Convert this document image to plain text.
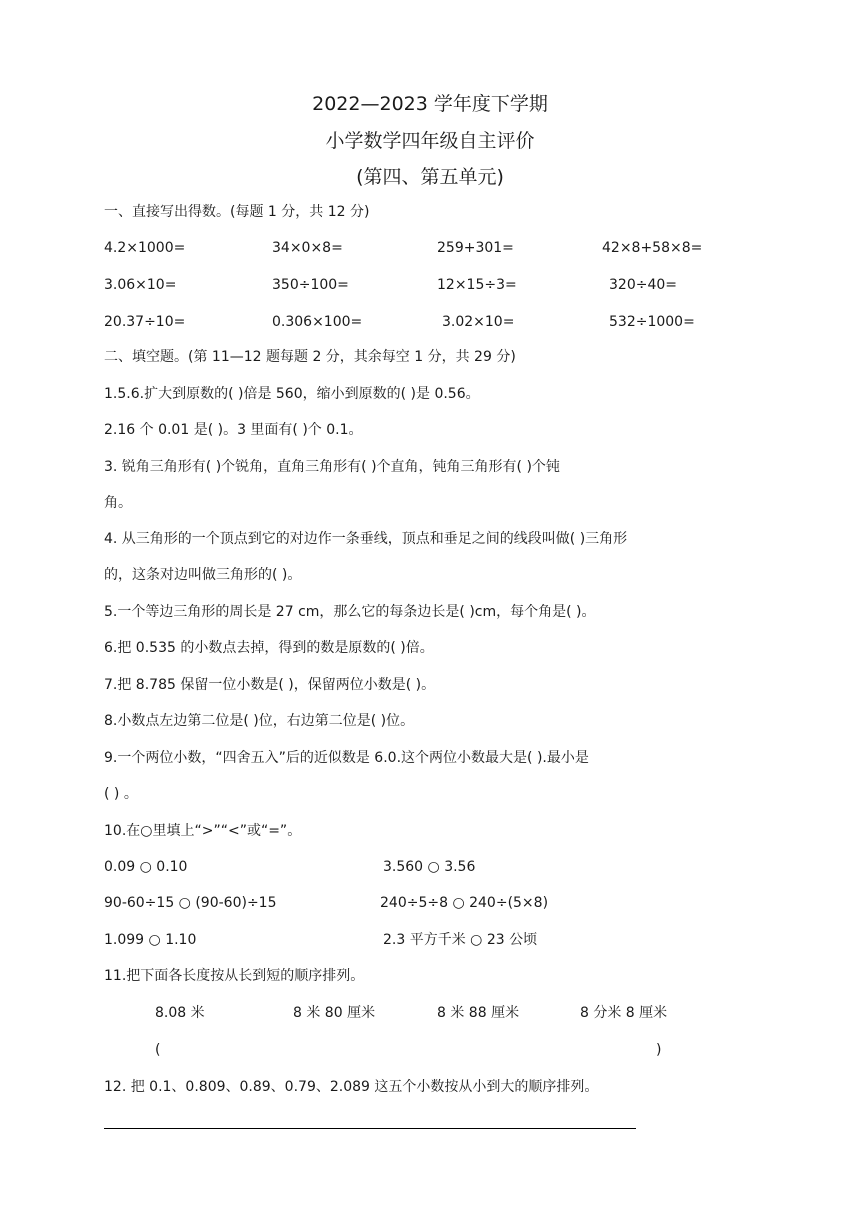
2022—2023 学年度下学期
小学数学四年级自主评价
(第四、第五单元)
一、直接写出得数。(每题 1 分，共 12 分)
4.2×1000=	34×0×8=	259+301=	42×8+58×8=
3.06×10=	350÷100=	12×15÷3=	320÷40=
20.37÷10=	0.306×100=	3.02×10=	532÷1000=
二、填空题。(第 11—12 题每题 2 分，其余每空 1 分，共 29 分)
1.5.6.扩大到原数的( )倍是 560，缩小到原数的( )是 0.56。
2.16 个 0.01 是( )。3 里面有( )个 0.1。
3. 锐角三角形有( )个锐角，直角三角形有( )个直角，钝角三角形有( )个钝
角。
4. 从三角形的一个顶点到它的对边作一条垂线，顶点和垂足之间的线段叫做( )三角形
的，这条对边叫做三角形的( )。
5.一个等边三角形的周长是 27 cm，那么它的每条边长是( )cm，每个角是( )。
6.把 0.535 的小数点去掉，得到的数是原数的( )倍。
7.把 8.785 保留一位小数是( )，保留两位小数是( )。
8.小数点左边第二位是( )位，右边第二位是( )位。
9.一个两位小数，“四舍五入”后的近似数是 6.0.这个两位小数最大是( ).最小是
( ) 。
10.在○里填上“>”“<”或“=”。
0.09 ○ 0.10	3.560 ○ 3.56
90-60÷15 ○ (90-60)÷15	240÷5÷8 ○ 240÷(5×8)
1.099 ○ 1.10	2.3 平方千米 ○ 23 公顷
11.把下面各长度按从长到短的顺序排列。
8.08 米	8 米 80 厘米	8 米 88 厘米	8 分米 8 厘米
(	)
12. 把 0.1、0.809、0.89、0.79、2.089 这五个小数按从小到大的顺序排列。
